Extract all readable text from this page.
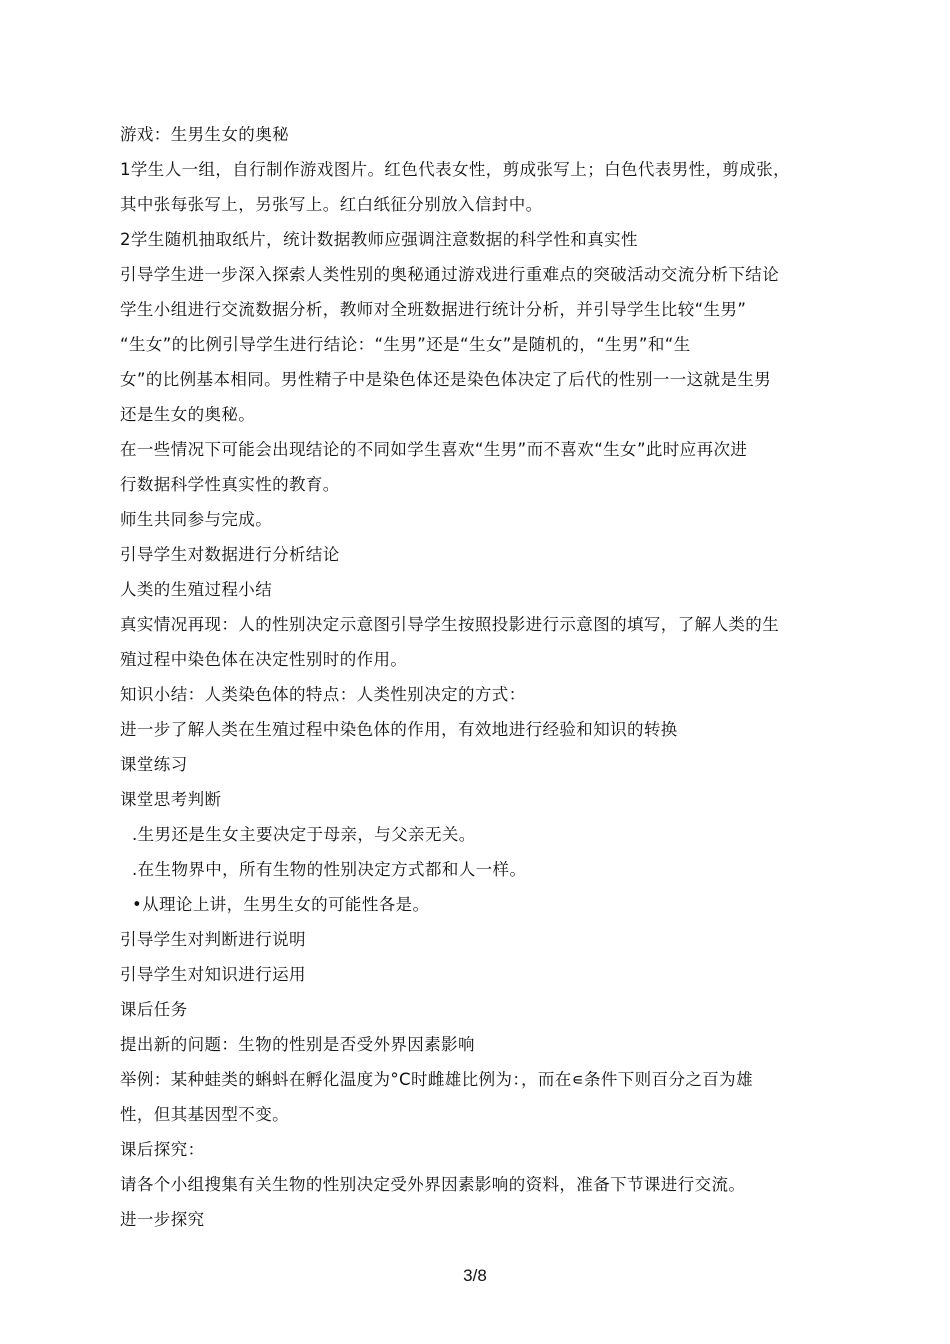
游戏：生男生女的奥秘
1学生人一组，自行制作游戏图片。红色代表女性，剪成张写上；白色代表男性，剪成张，
其中张每张写上，另张写上。红白纸征分别放入信封中。
2学生随机抽取纸片，统计数据教师应强调注意数据的科学性和真实性
引导学生进一步深入探索人类性别的奥秘通过游戏进行重难点的突破活动交流分析下结论
学生小组进行交流数据分析，教师对全班数据进行统计分析，并引导学生比较“生男”
“生女”的比例引导学生进行结论：“生男”还是“生女”是随机的，“生男”和“生
女”的比例基本相同。男性精子中是染色体还是染色体决定了后代的性别一一这就是生男
还是生女的奥秘。
在一些情况下可能会出现结论的不同如学生喜欢“生男”而不喜欢“生女”此时应再次进
行数据科学性真实性的教育。
师生共同参与完成。
引导学生对数据进行分析结论
人类的生殖过程小结
真实情况再现：人的性别决定示意图引导学生按照投影进行示意图的填写，了解人类的生
殖过程中染色体在决定性别时的作用。
知识小结：人类染色体的特点：人类性别决定的方式：
进一步了解人类在生殖过程中染色体的作用，有效地进行经验和知识的转换
课堂练习
课堂思考判断
.生男还是生女主要决定于母亲，与父亲无关。
.在生物界中，所有生物的性别决定方式都和人一样。
•从理论上讲，生男生女的可能性各是。
引导学生对判断进行说明
引导学生对知识进行运用
课后任务
提出新的问题：生物的性别是否受外界因素影响
举例：某种蛙类的蝌蚪在孵化温度为°C时雌雄比例为：，而在∊条件下则百分之百为雄
性，但其基因型不变。
课后探究：
请各个小组搜集有关生物的性别决定受外界因素影响的资料，准备下节课进行交流。
进一步探究
3/8
